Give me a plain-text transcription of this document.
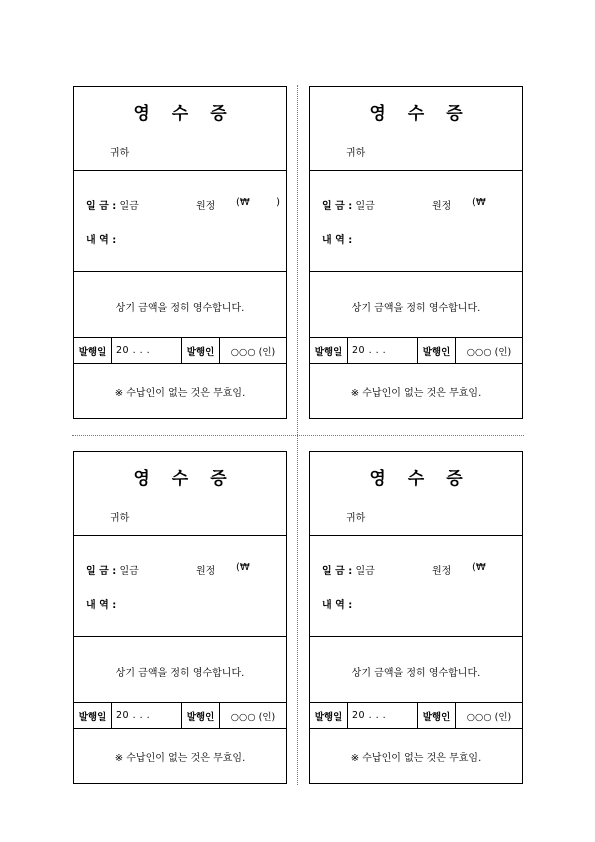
영 수 증
귀하
일 금 : 일금	원정 (₩	)
내 역 :
상기 금액을 정히 영수합니다.
발행일	20 . . .	발행인	○○○ (인)
※ 수납인이 없는 것은 무효임.
영 수 증
귀하
일 금 : 일금	원정 (₩
내 역 :
상기 금액을 정히 영수합니다.
발행일	20 . . .	발행인	○○○ (인)
※ 수납인이 없는 것은 무효임.
영 수 증
귀하
일 금 : 일금	원정 (₩
내 역 :
상기 금액을 정히 영수합니다.
발행일	20 . . .	발행인	○○○ (인)
※ 수납인이 없는 것은 무효임.
영 수 증
귀하
일 금 : 일금	원정 (₩
내 역 :
상기 금액을 정히 영수합니다.
발행일	20 . . .	발행인	○○○ (인)
※ 수납인이 없는 것은 무효임.
